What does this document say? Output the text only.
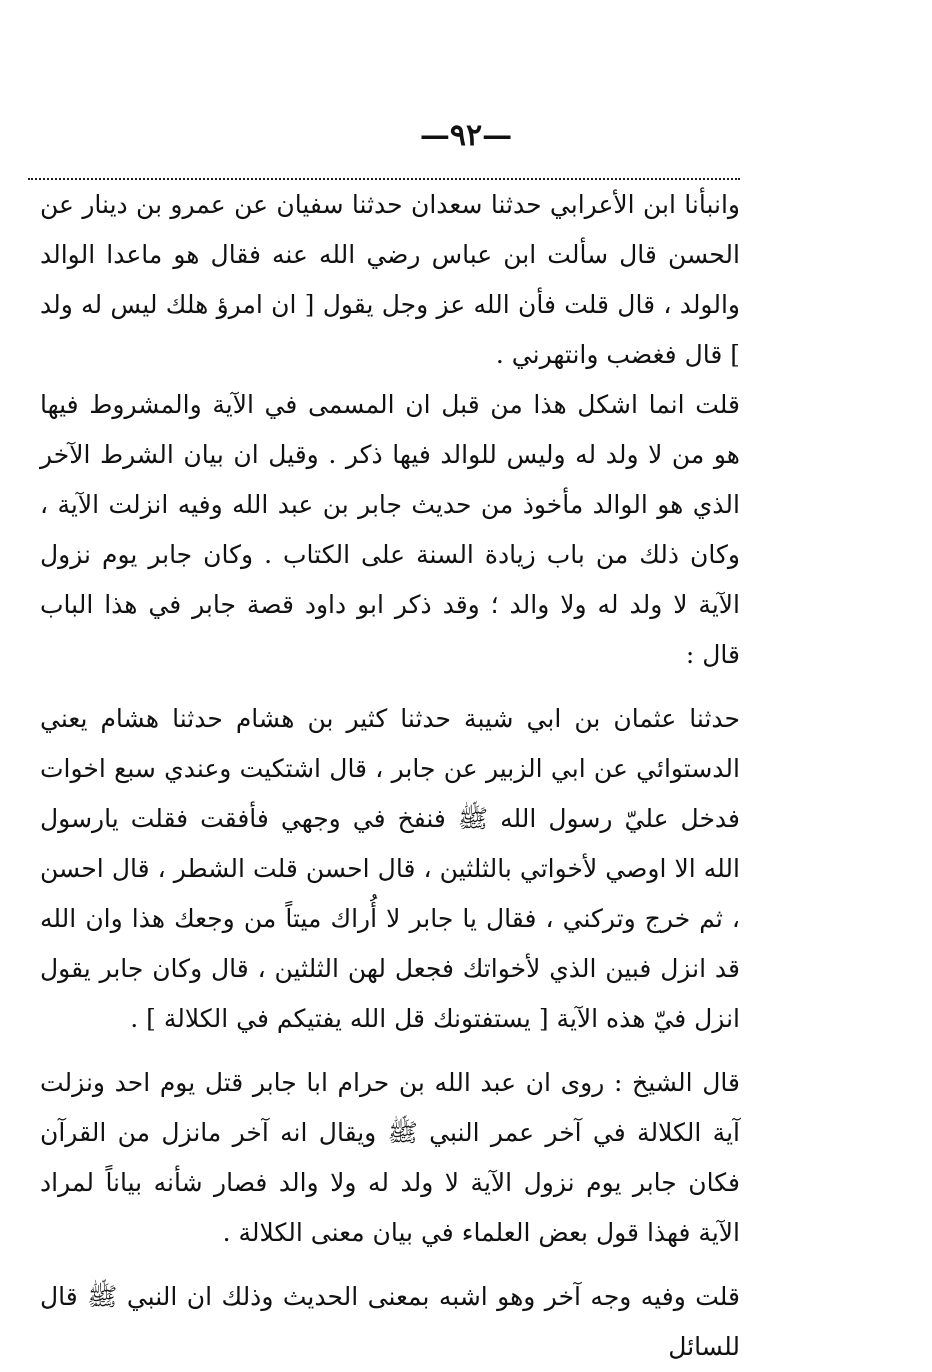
—٩٢—

وانبأنا ابن الأعرابي حدثنا سعدان حدثنا سفيان عن عمرو بن دينار عن الحسن قال سألت ابن عباس رضي الله عنه فقال هو ماعدا الوالد والولد ، قال قلت فأن الله عز وجل يقول [ ان امرؤ هلك ليس له ولد ] قال فغضب وانتهرني .

قلت انما اشكل هذا من قبل ان المسمى في الآية والمشروط فيها هو من لا ولد له وليس للوالد فيها ذكر . وقيل ان بيان الشرط الآخر الذي هو الوالد مأخوذ من حديث جابر بن عبد الله وفيه انزلت الآية ، وكان ذلك من باب زيادة السنة على الكتاب . وكان جابر يوم نزول الآية لا ولد له ولا والد ؛ وقد ذكر ابو داود قصة جابر في هذا الباب قال :

حدثنا عثمان بن ابي شيبة حدثنا كثير بن هشام حدثنا هشام يعني الدستوائي عن ابي الزبير عن جابر ، قال اشتكيت وعندي سبع اخوات فدخل عليّ رسول الله ﷺ فنفخ في وجهي فأفقت فقلت يارسول الله الا اوصي لأخواتي بالثلثين ، قال احسن قلت الشطر ، قال احسن ، ثم خرج وتركني ، فقال يا جابر لا أُراك ميتاً من وجعك هذا وان الله قد انزل فبين الذي لأخواتك فجعل لهن الثلثين ، قال وكان جابر يقول انزل فيّ هذه الآية [ يستفتونك قل الله يفتيكم في الكلالة ] .

قال الشيخ : روى ان عبد الله بن حرام ابا جابر قتل يوم احد ونزلت آية الكلالة في آخر عمر النبي ﷺ ويقال انه آخر مانزل من القرآن فكان جابر يوم نزول الآية لا ولد له ولا والد فصار شأنه بياناً لمراد الآية فهذا قول بعض العلماء في بيان معنى الكلالة .

قلت وفيه وجه آخر وهو اشبه بمعنى الحديث وذلك ان النبي ﷺ قال للسائل
